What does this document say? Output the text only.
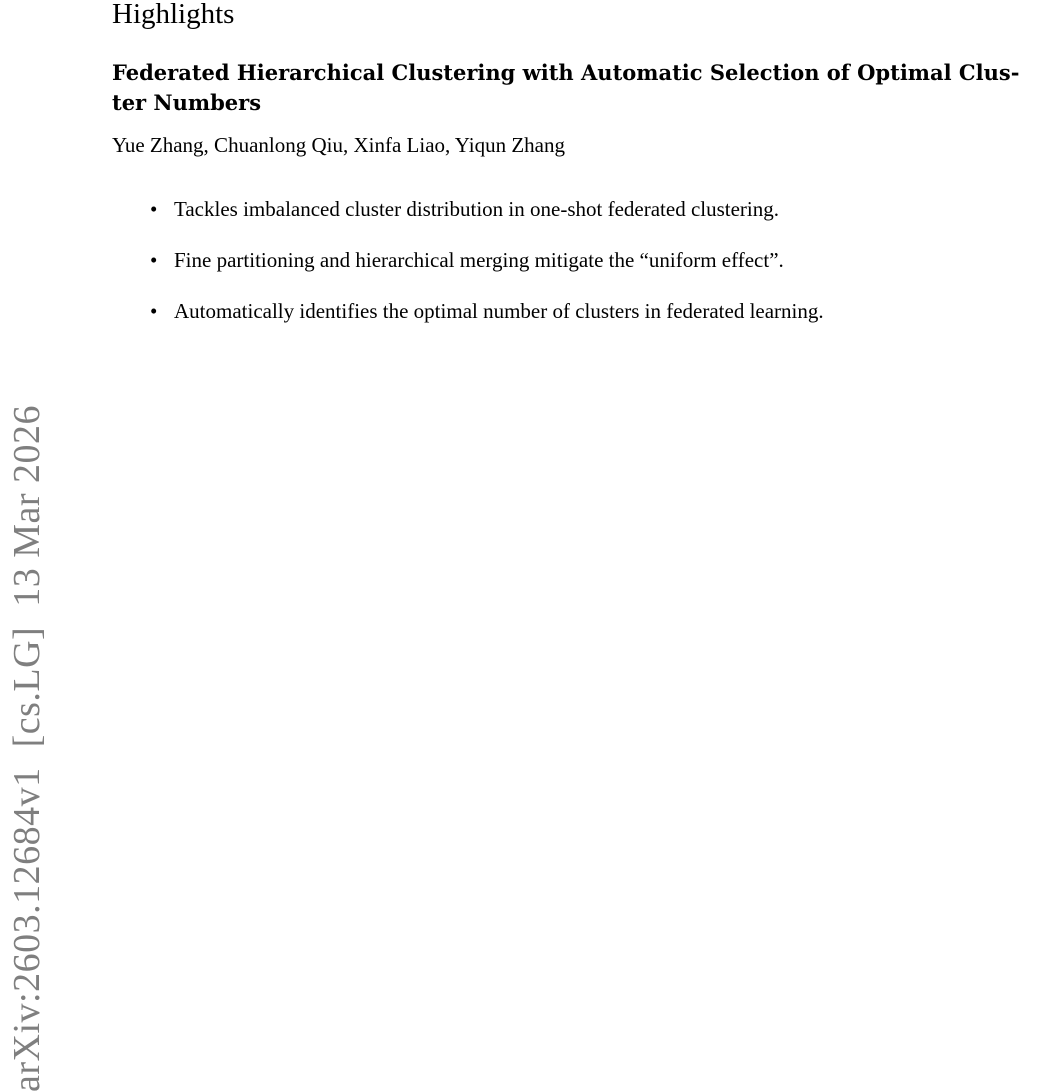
Highlights
Federated Hierarchical Clustering with Automatic Selection of Optimal Clus-
ter Numbers

Yue Zhang, Chuanlong Qiu, Xinfa Liao, Yiqun Zhang

• Tackles imbalanced cluster distribution in one-shot federated clustering.
• Fine partitioning and hierarchical merging mitigate the “uniform effect”.
• Automatically identifies the optimal number of clusters in federated learning.
arXiv:2603.12684v1  [cs.LG]  13 Mar 2026
